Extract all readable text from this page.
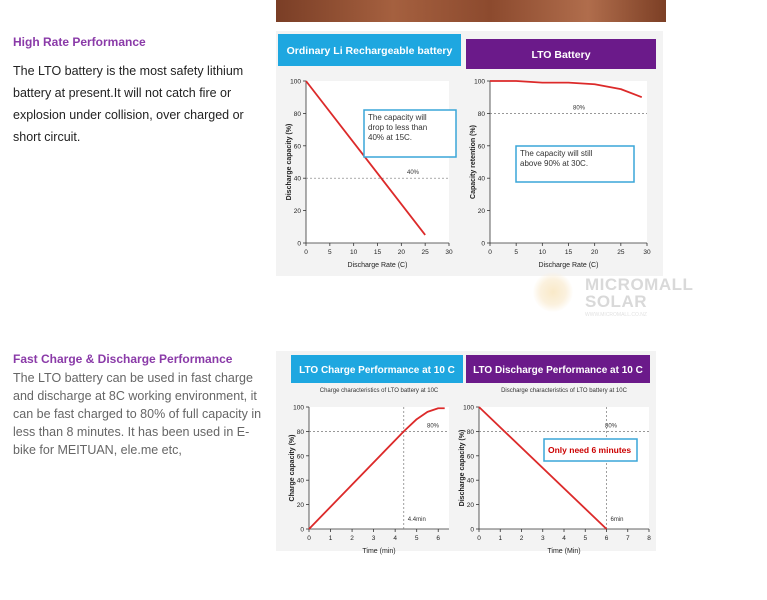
High Rate Performance
The LTO battery is the most safety lithium battery at present.It will not catch fire or explosion under collision, over charged or short circuit.
Fast Charge & Discharge Performance
The LTO battery can be used in fast charge and discharge at 8C working environment, it can be fast charged to 80% of full capacity in less than 8 minutes. It has been used in E-bike for MEITUAN, ele.me etc,
Ordinary Li Rechargeable battery
0
20
40
60
80
100
0	5	10	15	20	25	30
Discharge Rate (C)
Discharge capacity (%)	40%
The capacity will drop to less than 40% at 15C.
LTO Battery
0
20
40
60
80
100
0	5	10	15	20	25	30
Discharge Rate (C)
Capacity retention (%)
80%
The capacity will still above 90% at 30C.
LTO Charge Performance at 10 C
Charge characteristics of LTO battery at 10C
0
20
40
60
80
100
0	1	2	3	4	5	6
Time (min)
Charge capacity (%)
80%
4.4min
LTO Discharge Performance at 10 C
Discharge characteristics of LTO battery at 10C
0
20
40
60
80
100
0	1	2	3	4	5	6	7	8
Time (Min)
Discharge capacity (%)
80%
6min
Only need 6 minutes
MICROMALL
SOLAR
WWW.MICROMALL.CO.NZ
